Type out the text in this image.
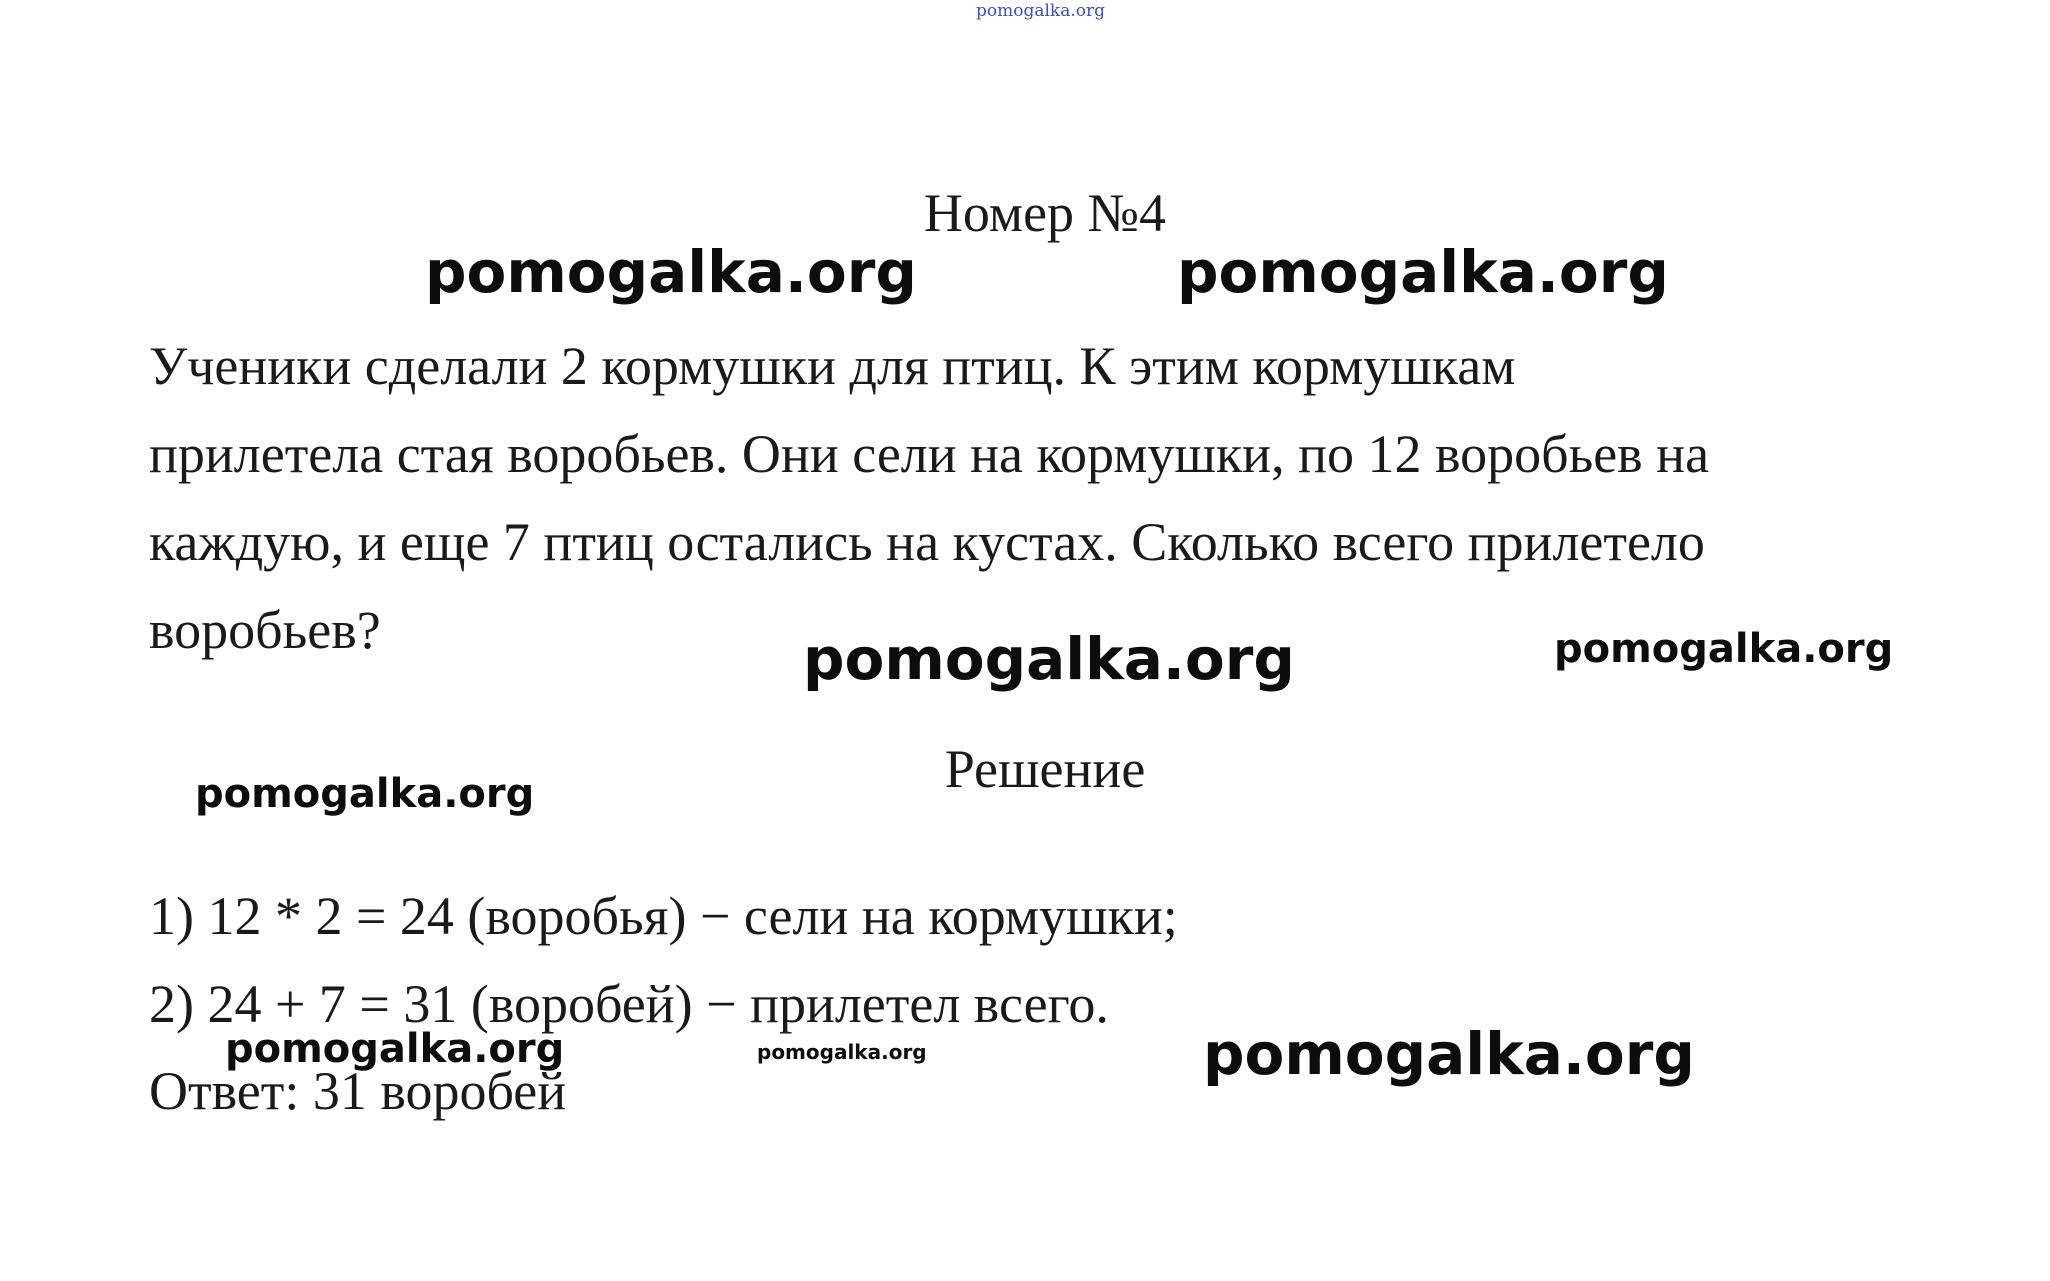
pomogalka.org
Номер №4
pomogalka.org	pomogalka.org
Ученики сделали 2 кормушки для птиц. К этим кормушкам
прилетела стая воробьев. Они сели на кормушки, по 12 воробьев на
каждую, и еще 7 птиц остались на кустах. Сколько всего прилетело
воробьев?	pomogalka.org	pomogalka.org
Решение
pomogalka.org
1) 12 * 2 = 24 (воробья) − сели на кормушки;
2) 24 + 7 = 31 (воробей) − прилетел всего.
pomogalka.org	pomogalka.org	pomogalka.org
Ответ: 31 воробей
